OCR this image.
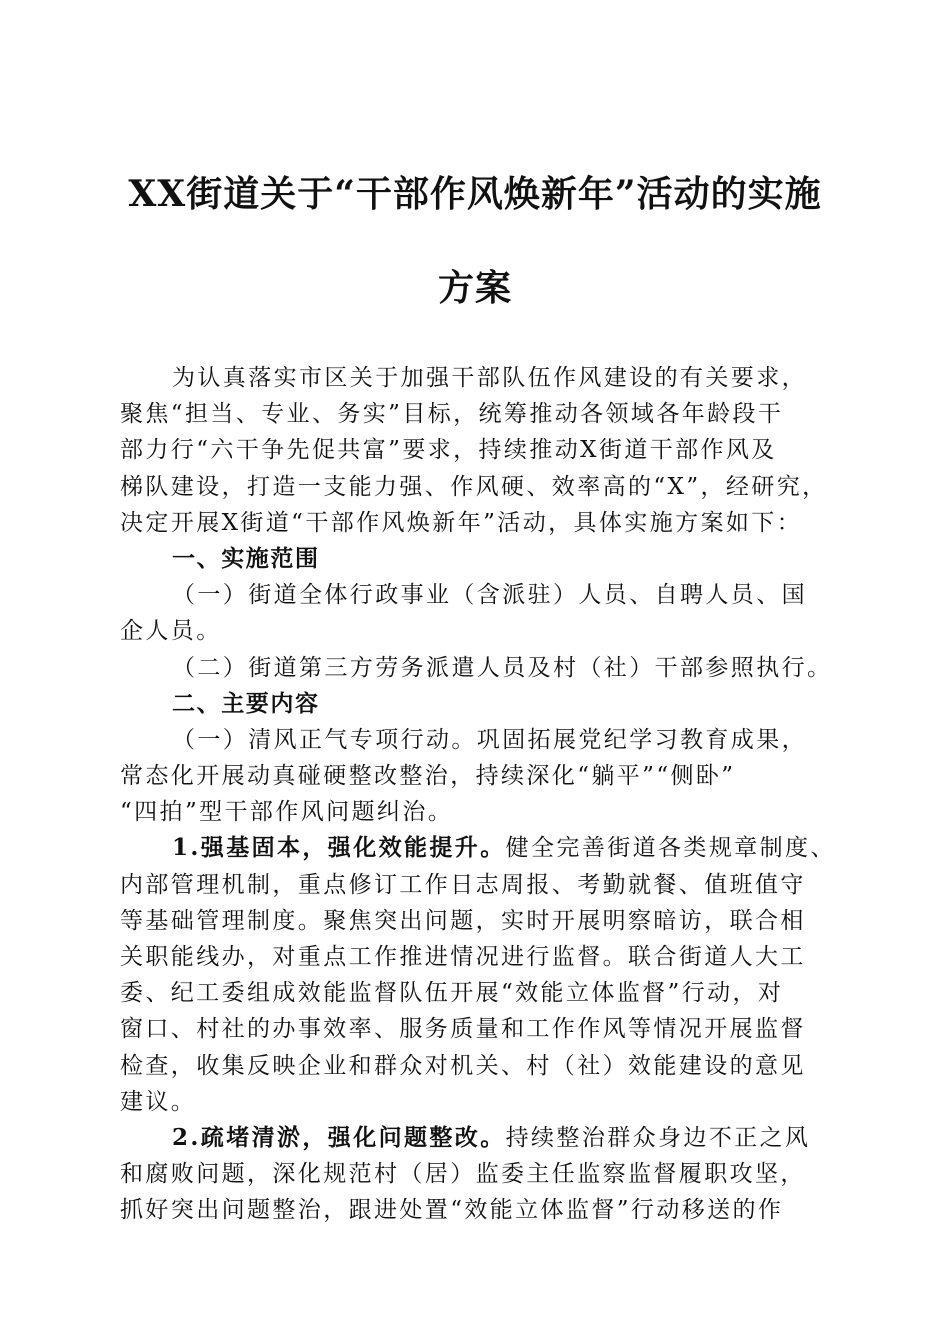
XX街道关于“干部作风焕新年”活动的实施
方案
为认真落实市区关于加强干部队伍作风建设的有关要求，
聚焦“担当、专业、务实”目标，统筹推动各领域各年龄段干
部力行“六干争先促共富”要求，持续推动X街道干部作风及
梯队建设，打造一支能力强、作风硬、效率高的“X”，经研究，
决定开展X街道“干部作风焕新年”活动，具体实施方案如下：
一、实施范围
（一）街道全体行政事业（含派驻）人员、自聘人员、国
企人员。
（二）街道第三方劳务派遣人员及村（社）干部参照执行。
二、主要内容
（一）清风正气专项行动。巩固拓展党纪学习教育成果，
常态化开展动真碰硬整改整治，持续深化“躺平”“侧卧”
“四拍”型干部作风问题纠治。
1.强基固本，强化效能提升。健全完善街道各类规章制度、
内部管理机制，重点修订工作日志周报、考勤就餐、值班值守
等基础管理制度。聚焦突出问题，实时开展明察暗访，联合相
关职能线办，对重点工作推进情况进行监督。联合街道人大工
委、纪工委组成效能监督队伍开展“效能立体监督”行动，对
窗口、村社的办事效率、服务质量和工作作风等情况开展监督
检查，收集反映企业和群众对机关、村（社）效能建设的意见
建议。
2.疏堵清淤，强化问题整改。持续整治群众身边不正之风
和腐败问题，深化规范村（居）监委主任监察监督履职攻坚，
抓好突出问题整治，跟进处置“效能立体监督”行动移送的作
